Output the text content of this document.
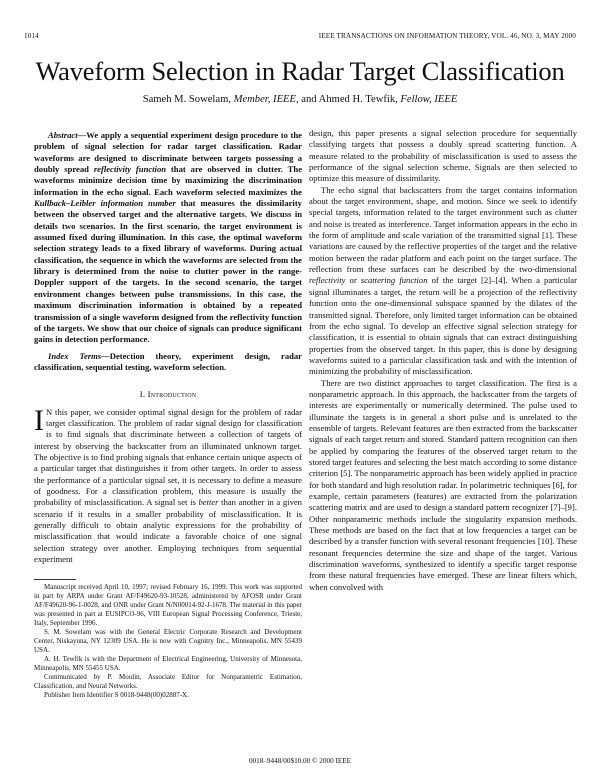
1014	IEEE TRANSACTIONS ON INFORMATION THEORY, VOL. 46, NO. 3, MAY 2000
Waveform Selection in Radar Target Classification
Sameh M. Sowelam, Member, IEEE, and Ahmed H. Tewfik, Fellow, IEEE

Abstract—We apply a sequential experiment design procedure to the problem of signal selection for radar target classification. Radar waveforms are designed to discriminate between targets possessing a doubly spread reflectivity function that are observed in clutter. The waveforms minimize decision time by maximizing the discrimination information in the echo signal. Each waveform selected maximizes the Kullback–Leibler information number that measures the dissimilarity between the observed target and the alternative targets. We discuss in details two scenarios. In the first scenario, the target environment is assumed fixed during illumination. In this case, the optimal waveform selection strategy leads to a fixed library of waveforms. During actual classification, the sequence in which the waveforms are selected from the library is determined from the noise to clutter power in the range-Doppler support of the targets. In the second scenario, the target environment changes between pulse transmissions. In this case, the maximum discrimination information is obtained by a repeated transmission of a single waveform designed from the reflectivity function of the targets. We show that our choice of signals can produce significant gains in detection performance.

Index Terms—Detection theory, experiment design, radar classification, sequential testing, waveform selection.

I. Introduction

I N this paper, we consider optimal signal design for the problem of radar target classification. The problem of radar signal design for classification is to find signals that discriminate between a collection of targets of interest by observing the backscatter from an illuminated unknown target. The objective is to find probing signals that enhance certain unique aspects of a particular target that distinguishes it from other targets. In order to assess the performance of a particular signal set, it is necessary to define a measure of goodness. For a classification problem, this measure is usually the probability of misclassification. A signal set is better than another in a given scenario if it results in a smaller probability of misclassification. It is generally difficult to obtain analytic expressions for the probability of misclassification that would indicate a favorable choice of one signal selection strategy over another. Employing techniques from sequential experiment

Manuscript received April 10, 1997; revised February 16, 1999. This work was supported in part by ARPA under Grant AF/F49620-93-10528, administered by AFOSR under Grant AF/F49620-96-1-0028, and ONR under Grant N/N00014-92-J-1678. The material in this paper was presented in part at EUSIPCO-96, VIII European Signal Processing Conference, Trieste, Italy, September 1996.

S. M. Sowelam was with the General Electric Corporate Research and Development Center, Niskayuna, NY 12309 USA. He is now with Cognitry Inc., Minneapolis, MN 55439 USA.

A. H. Tewfik is with the Department of Electrical Engineering, University of Minnesota, Minneapolis, MN 55455 USA.

Communicated by P. Moulin, Associate Editor for Nonparametric Estimation, Classification, and Neural Networks.

Publisher Item Identifier S 0018-9448(00)02887-X.

design, this paper presents a signal selection procedure for sequentially classifying targets that possess a doubly spread scattering function. A measure related to the probability of misclassification is used to assess the performance of the signal selection scheme. Signals are then selected to optimize this measure of dissimilarity.

The echo signal that backscatters from the target contains information about the target environment, shape, and motion. Since we seek to identify special targets, information related to the target environment such as clutter and noise is treated as interference. Target information appears in the echo in the form of amplitude and scale variation of the transmitted signal [1]. These variations are caused by the reflective properties of the target and the relative motion between the radar platform and each point on the target surface. The reflection from these surfaces can be described by the two-dimensional reflectivity or scattering function of the target [2]–[4]. When a particular signal illuminates a target, the return will be a projection of the reflectivity function onto the one-dimensional subspace spanned by the dilates of the transmitted signal. Therefore, only limited target information can be obtained from the echo signal. To develop an effective signal selection strategy for classification, it is essential to obtain signals that can extract distinguishing properties from the observed target. In this paper, this is done by designing waveforms suited to a particular classification task and with the intention of minimizing the probability of misclassification.

There are two distinct approaches to target classification. The first is a nonparametric approach. In this approach, the backscatter from the targets of interests are experimentally or numerically determined. The pulse used to illuminate the targets is in general a short pulse and is unrelated to the ensemble of targets. Relevant features are then extracted from the backscatter signals of each target return and stored. Standard pattern recognition can then be applied by comparing the features of the observed target return to the stored target features and selecting the best match according to some distance criterion [5]. The nonparametric approach has been widely applied in practice for both standard and high resolution radar. In polarimetric techniques [6], for example, certain parameters (features) are extracted from the polarization scattering matrix and are used to design a standard pattern recognizer [7]–[9]. Other nonparametric methods include the singularity expansion methods. These methods are based on the fact that at low frequencies a target can be described by a transfer function with several resonant frequencies [10]. These resonant frequencies determine the size and shape of the target. Various discrimination waveforms, synthesized to identify a specific target response from these natural frequencies have emerged. These are linear filters which, when convolved with

0018–9448/00$10.00 © 2000 IEEE
